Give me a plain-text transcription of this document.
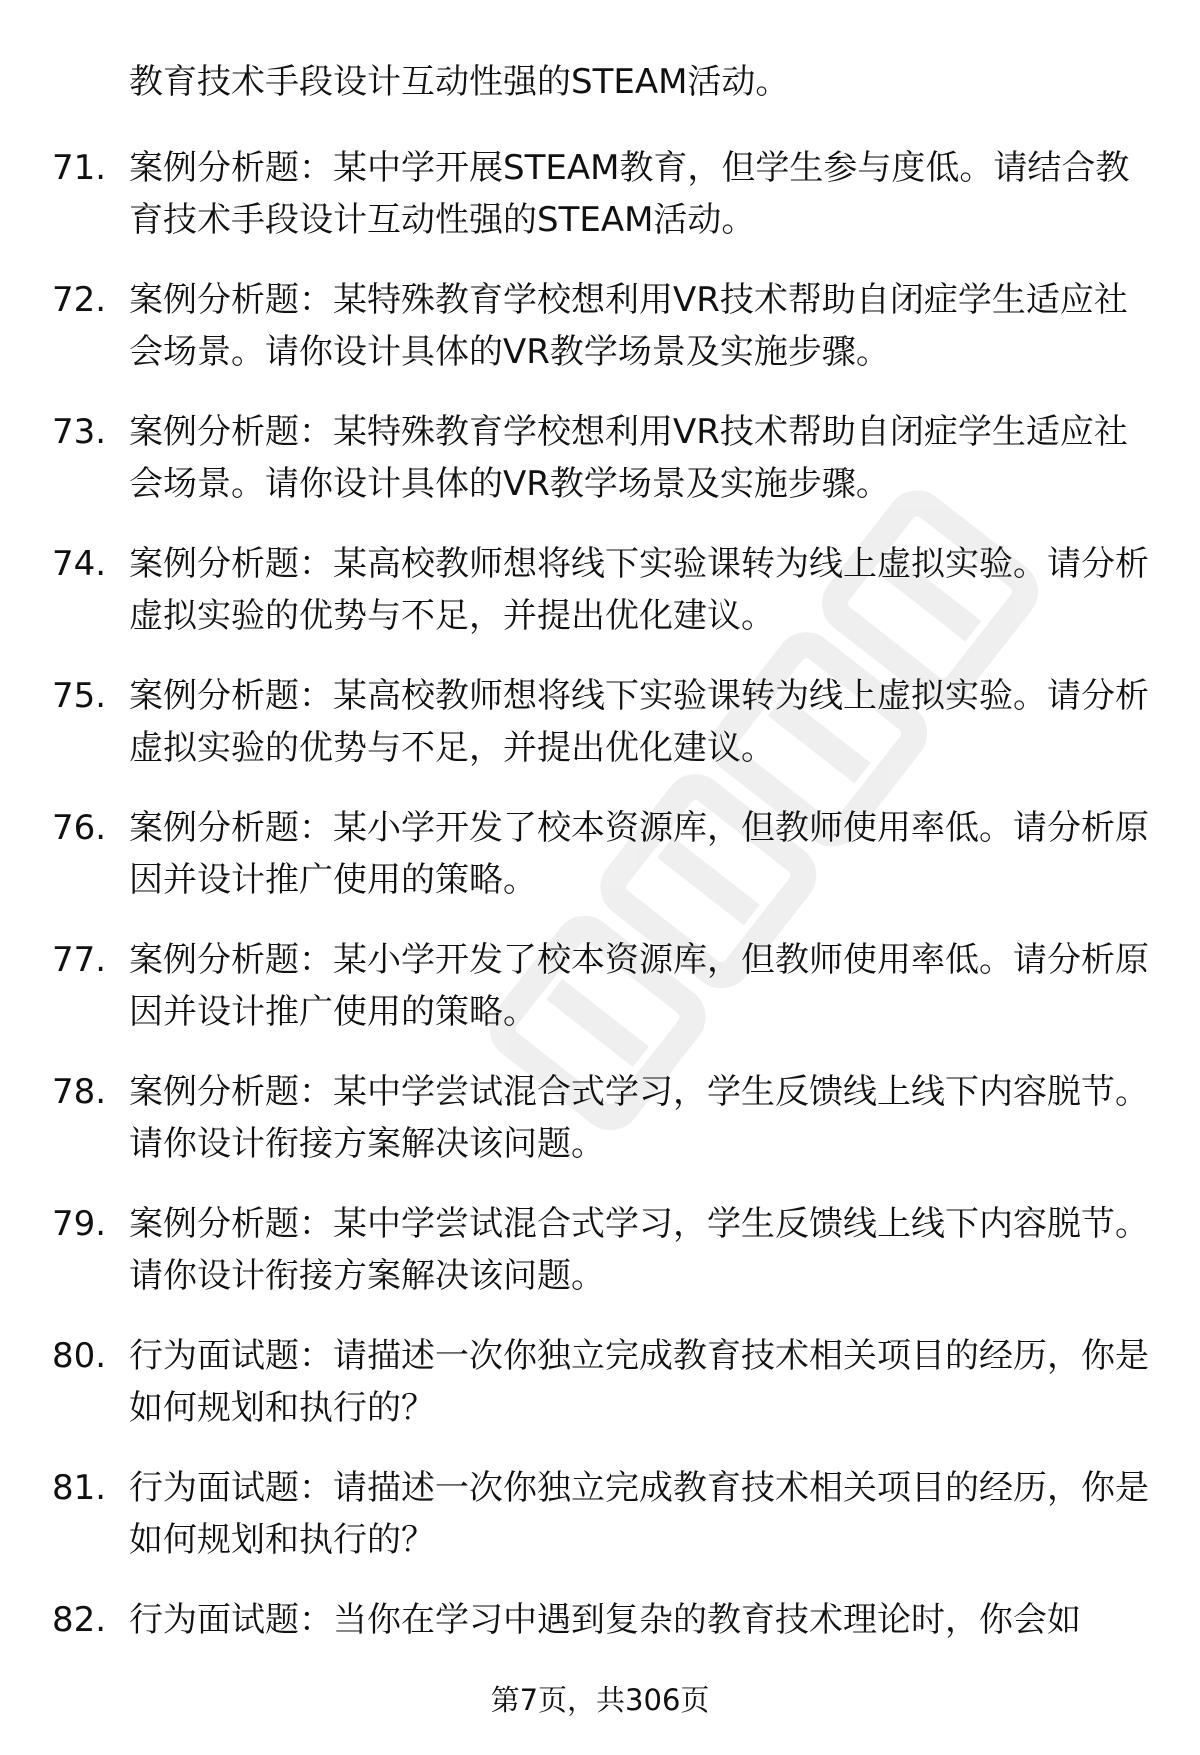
教育技术手段设计互动性强的STEAM活动。
71. 案例分析题：某中学开展STEAM教育，但学生参与度低。请结合教育技术手段设计互动性强的STEAM活动。
72. 案例分析题：某特殊教育学校想利用VR技术帮助自闭症学生适应社会场景。请你设计具体的VR教学场景及实施步骤。
73. 案例分析题：某特殊教育学校想利用VR技术帮助自闭症学生适应社会场景。请你设计具体的VR教学场景及实施步骤。
74. 案例分析题：某高校教师想将线下实验课转为线上虚拟实验。请分析虚拟实验的优势与不足，并提出优化建议。
75. 案例分析题：某高校教师想将线下实验课转为线上虚拟实验。请分析虚拟实验的优势与不足，并提出优化建议。
76. 案例分析题：某小学开发了校本资源库，但教师使用率低。请分析原因并设计推广使用的策略。
77. 案例分析题：某小学开发了校本资源库，但教师使用率低。请分析原因并设计推广使用的策略。
78. 案例分析题：某中学尝试混合式学习，学生反馈线上线下内容脱节。请你设计衔接方案解决该问题。
79. 案例分析题：某中学尝试混合式学习，学生反馈线上线下内容脱节。请你设计衔接方案解决该问题。
80. 行为面试题：请描述一次你独立完成教育技术相关项目的经历，你是如何规划和执行的？
81. 行为面试题：请描述一次你独立完成教育技术相关项目的经历，你是如何规划和执行的？
82. 行为面试题：当你在学习中遇到复杂的教育技术理论时，你会如
第7页，共306页
